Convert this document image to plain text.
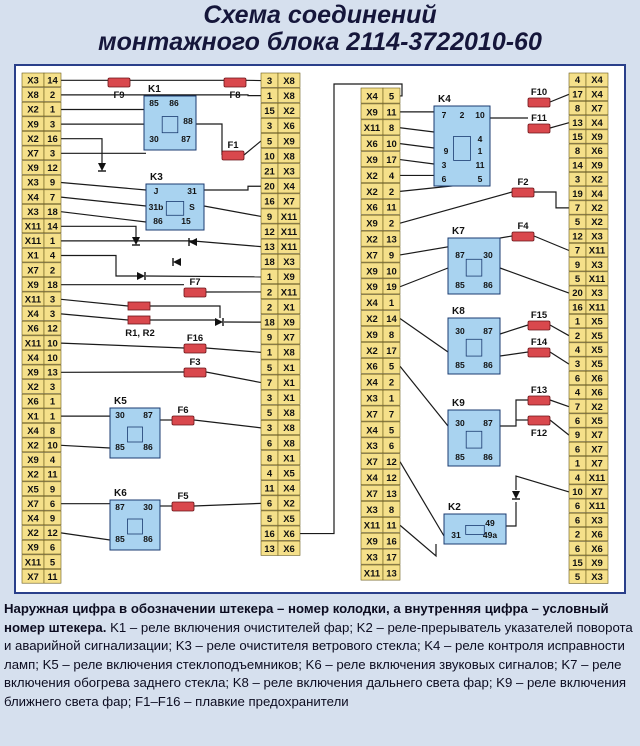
Схема соединений
монтажного блока 2114-3722010-60
X3 14
X8 2
X2 1
X9 3
X2 16
X7 3
X9 12
X3 9
X4 7
X3 18
X11 14
X11 1
X1 4
X7 2
X9 18
X11 3
X4 3
X6 12
X11 10
X4 10
X9 13
X2 3
X6 1
X1 1
X4 8
X2 10
X9 4
X2 11
X5 9
X7 6
X4 9
X2 12
X9 6
X11 5
X7 11
3 X8
1 X8
15 X2
3 X6
5 X9
10 X8
21 X3
20 X4
16 X7
9 X11
12 X11
13 X11
18 X3
1 X9
2 X11
2 X1
18 X9
9 X7
1 X8
5 X1
7 X1
3 X1
5 X8
3 X8
6 X8
8 X1
4 X5
11 X4
6 X2
5 X5
16 X6
13 X6
X4 5
X9 11
X11 8
X6 10
X9 17
X2 4
X2 2
X6 11
X9 2
X2 13
X7 9
X9 10
X9 19
X4 1
X2 14
X9 8
X2 17
X6 5
X4 2
X3 1
X7 7
X4 5
X3 6
X7 12
X4 12
X7 13
X3 8
X11 11
X9 16
X3 17
X11 13
4 X4
17 X4
8 X7
13 X4
15 X9
8 X6
14 X9
3 X2
19 X4
7 X2
5 X2
12 X3
7 X11
9 X3
5 X11
20 X3
16 X11
1 X5
2 X5
4 X5
3 X5
6 X6
4 X6
7 X2
6 X5
9 X7
6 X7
1 X7
4 X11
10 X7
6 X11
6 X3
2 X6
6 X6
15 X9
5 X3
K1
85 86
88
30	87
K3
J	31
31b	S
86 15
K4
7 2 10
4
9	1
3
6	5
11
K5
30 87
85 86
K6
87 30
85 86
K7
87 30
85 86
K8
30 87
85 86
K9
30 87
85 86
K2
49
49a
31
F9	F8
F1
F10
F11
F2
F4
F7
F16
F3
F6
F5
F15
F14
F13
F12
R1, R2
Наружная цифра в обозначении штекера – номер колодки, а внутренняя цифра – условный номер штекера. K1 – реле включения очистителей фар; K2 – реле-прерыватель указателей поворота и аварийной сигнализации; K3 – реле очистителя ветрового стекла; K4 – реле контроля исправности ламп; K5 – реле включения стеклоподъемников; K6 – реле включения звуковых сигналов; K7 – реле включения обогрева заднего стекла; K8 – реле включения дальнего света фар; K9 – реле включения ближнего света фар; F1–F16 – плавкие предохранители
